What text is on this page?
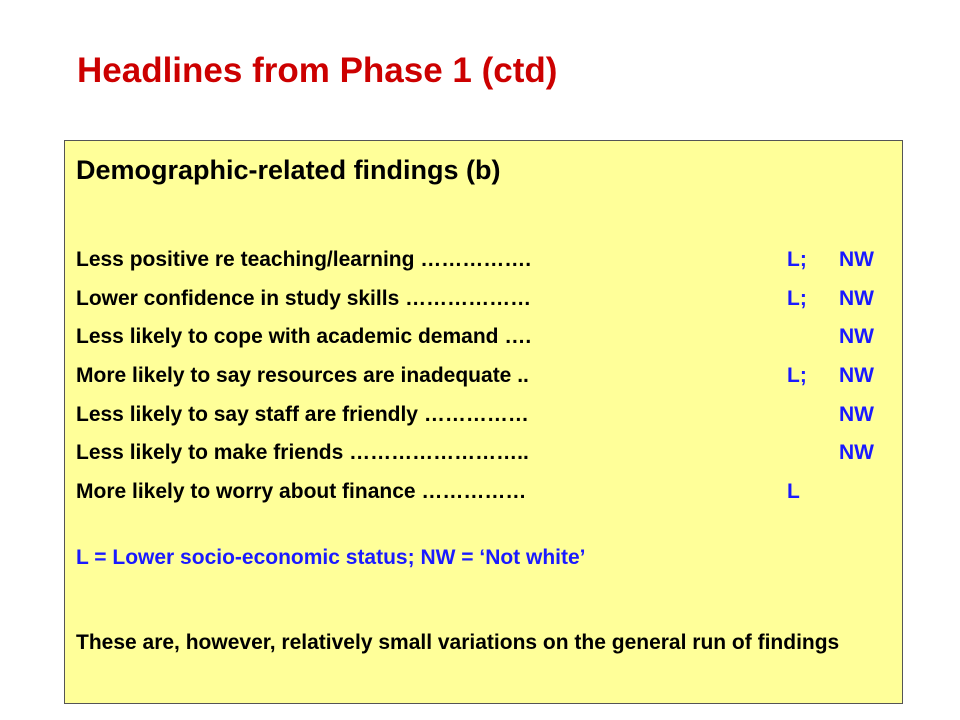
Headlines from Phase 1 (ctd)
Demographic-related findings (b)
Less positive re teaching/learning …………….	L; NW
Lower confidence in study skills ………………	L; NW
Less likely to cope with academic demand ….	NW
More likely to say resources are inadequate ..	L; NW
Less likely to say staff are friendly ……………	NW
Less likely to make friends ……………………..	NW
More likely to worry about finance ……………	L

L = Lower socio-economic status; NW = ‘Not white’

These are, however, relatively small variations on the general run of findings
